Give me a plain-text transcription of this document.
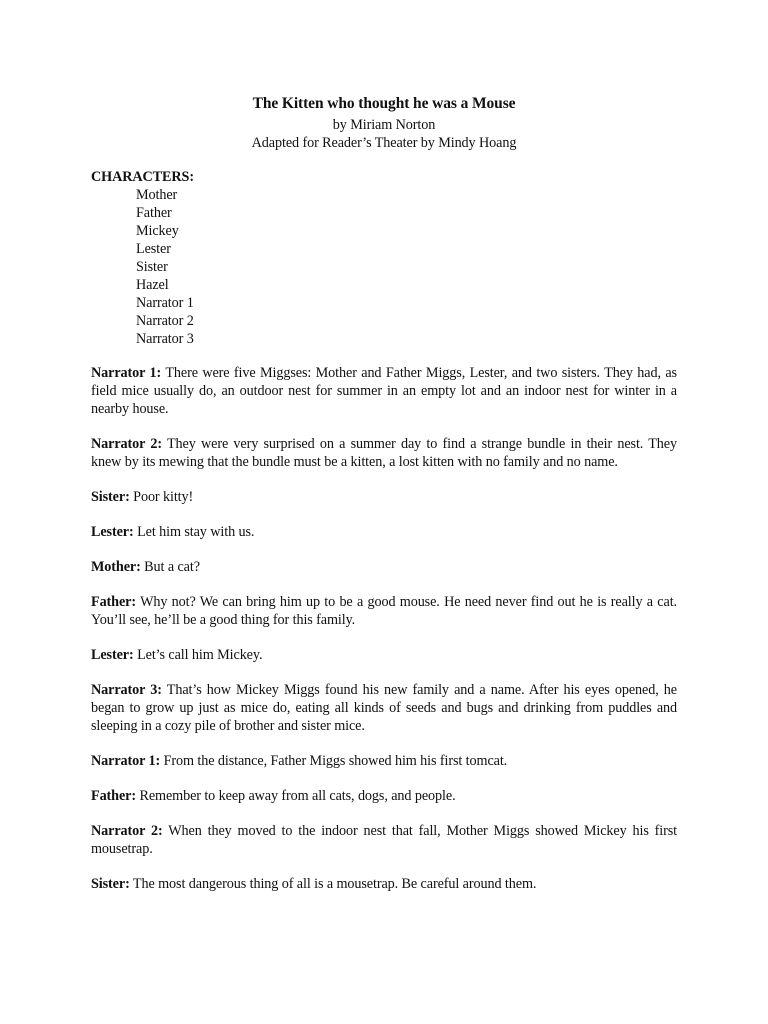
The Kitten who thought he was a Mouse
by Miriam Norton
Adapted for Reader’s Theater by Mindy Hoang
CHARACTERS:
Mother
Father
Mickey
Lester
Sister
Hazel
Narrator 1
Narrator 2
Narrator 3

Narrator 1: There were five Miggses: Mother and Father Miggs, Lester, and two sisters. They had, as field mice usually do, an outdoor nest for summer in an empty lot and an indoor nest for winter in a nearby house.

Narrator 2: They were very surprised on a summer day to find a strange bundle in their nest. They knew by its mewing that the bundle must be a kitten, a lost kitten with no family and no name.

Sister: Poor kitty!

Lester: Let him stay with us.

Mother: But a cat?

Father: Why not? We can bring him up to be a good mouse. He need never find out he is really a cat. You’ll see, he’ll be a good thing for this family.

Lester: Let’s call him Mickey.

Narrator 3: That’s how Mickey Miggs found his new family and a name. After his eyes opened, he began to grow up just as mice do, eating all kinds of seeds and bugs and drinking from puddles and sleeping in a cozy pile of brother and sister mice.

Narrator 1: From the distance, Father Miggs showed him his first tomcat.

Father: Remember to keep away from all cats, dogs, and people.

Narrator 2: When they moved to the indoor nest that fall, Mother Miggs showed Mickey his first mousetrap.

Sister: The most dangerous thing of all is a mousetrap. Be careful around them.
